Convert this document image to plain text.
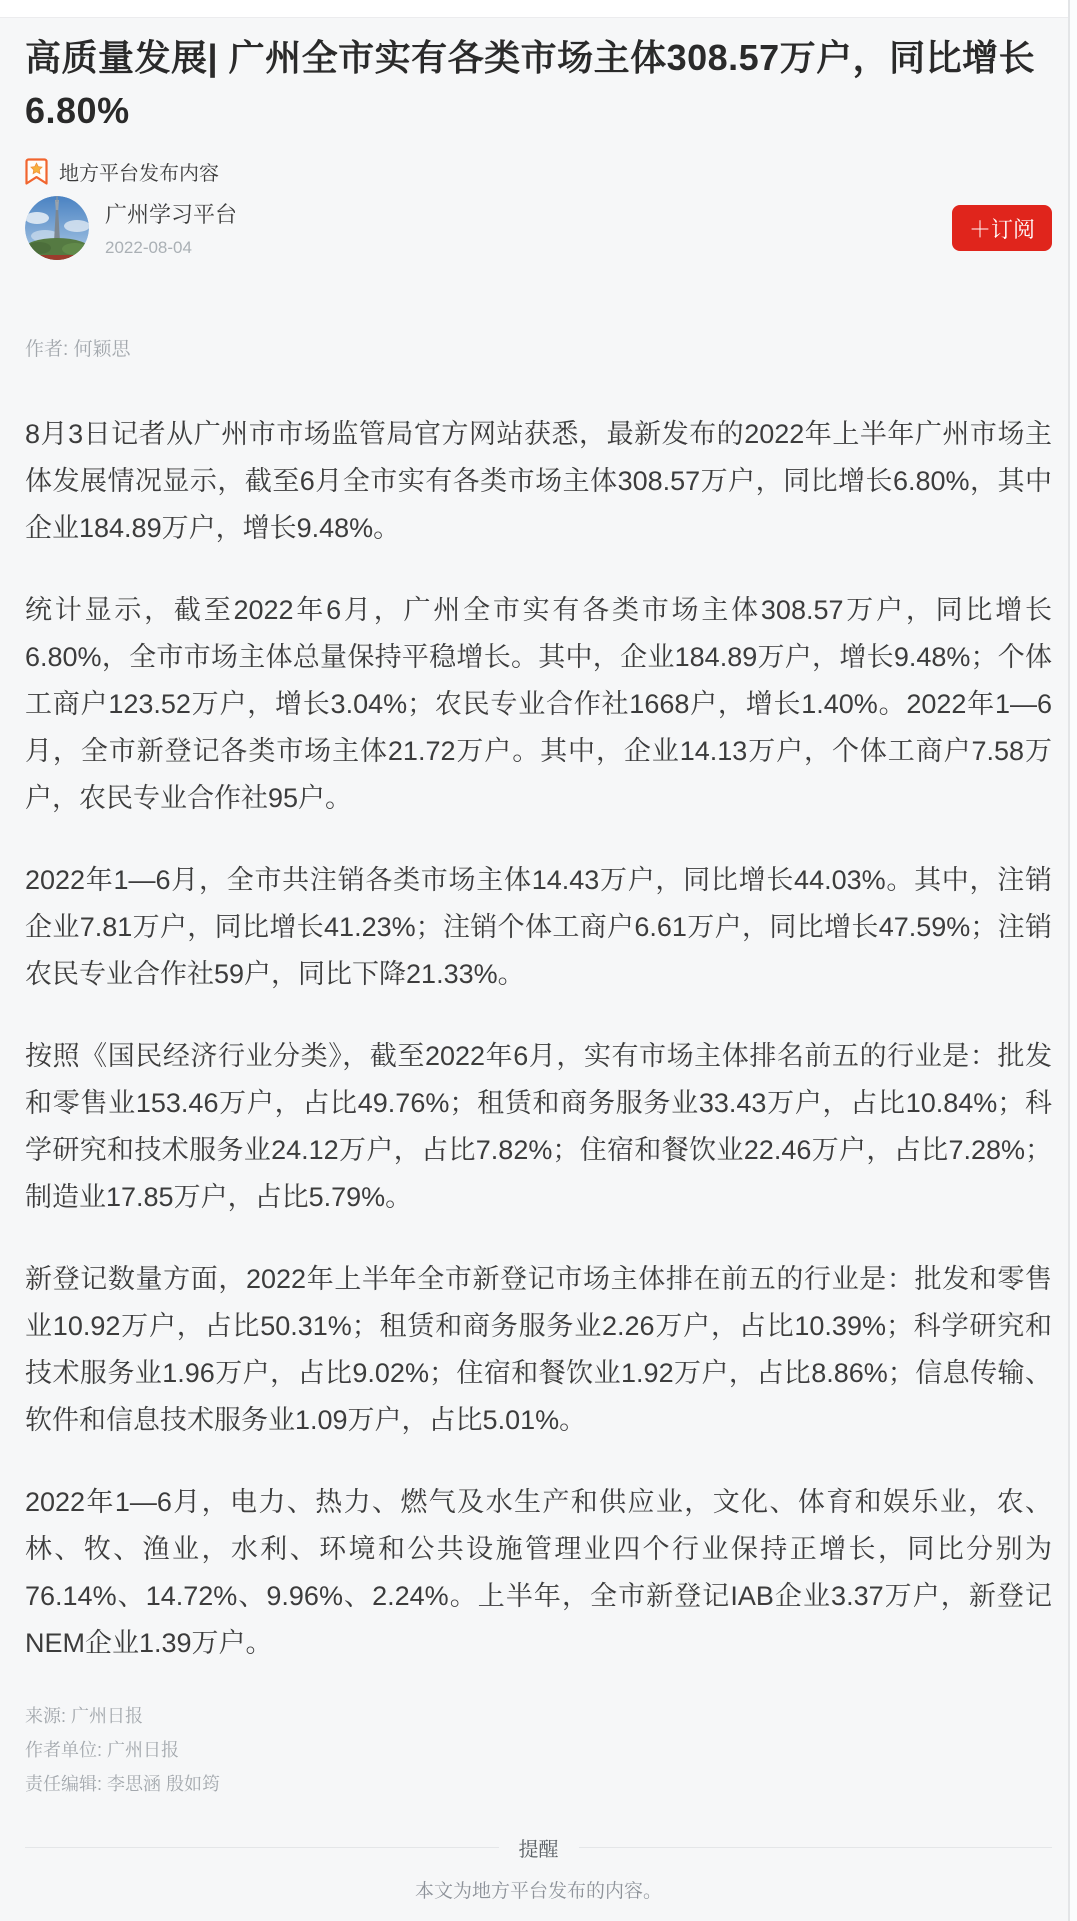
高质量发展| 广州全市实有各类市场主体308.57万户，同比增长6.80%
地方平台发布内容
广州学习平台
2022-08-04
＋订阅
作者: 何颖思

8月3日记者从广州市市场监管局官方网站获悉，最新发布的2022年上半年广州市场主体发展情况显示，截至6月全市实有各类市场主体308.57万户，同比增长6.80%，其中企业184.89万户，增长9.48%。

统计显示，截至2022年6月，广州全市实有各类市场主体308.57万户，同比增长6.80%，全市市场主体总量保持平稳增长。其中，企业184.89万户，增长9.48%；个体工商户123.52万户，增长3.04%；农民专业合作社1668户，增长1.40%。2022年1—6月，全市新登记各类市场主体21.72万户。其中，企业14.13万户，个体工商户7.58万户，农民专业合作社95户。

2022年1—6月，全市共注销各类市场主体14.43万户，同比增长44.03%。其中，注销企业7.81万户，同比增长41.23%；注销个体工商户6.61万户，同比增长47.59%；注销农民专业合作社59户，同比下降21.33%。

按照《国民经济行业分类》，截至2022年6月，实有市场主体排名前五的行业是：批发和零售业153.46万户，占比49.76%；租赁和商务服务业33.43万户，占比10.84%；科学研究和技术服务业24.12万户，占比7.82%；住宿和餐饮业22.46万户，占比7.28%；制造业17.85万户，占比5.79%。

新登记数量方面，2022年上半年全市新登记市场主体排在前五的行业是：批发和零售业10.92万户，占比50.31%；租赁和商务服务业2.26万户，占比10.39%；科学研究和技术服务业1.96万户，占比9.02%；住宿和餐饮业1.92万户，占比8.86%；信息传输、软件和信息技术服务业1.09万户，占比5.01%。

2022年1—6月，电力、热力、燃气及水生产和供应业，文化、体育和娱乐业，农、林、牧、渔业，水利、环境和公共设施管理业四个行业保持正增长，同比分别为76.14%、14.72%、9.96%、2.24%。上半年，全市新登记IAB企业3.37万户，新登记NEM企业1.39万户。

来源: 广州日报
作者单位: 广州日报
责任编辑: 李思涵 殷如筠
提醒
本文为地方平台发布的内容。
